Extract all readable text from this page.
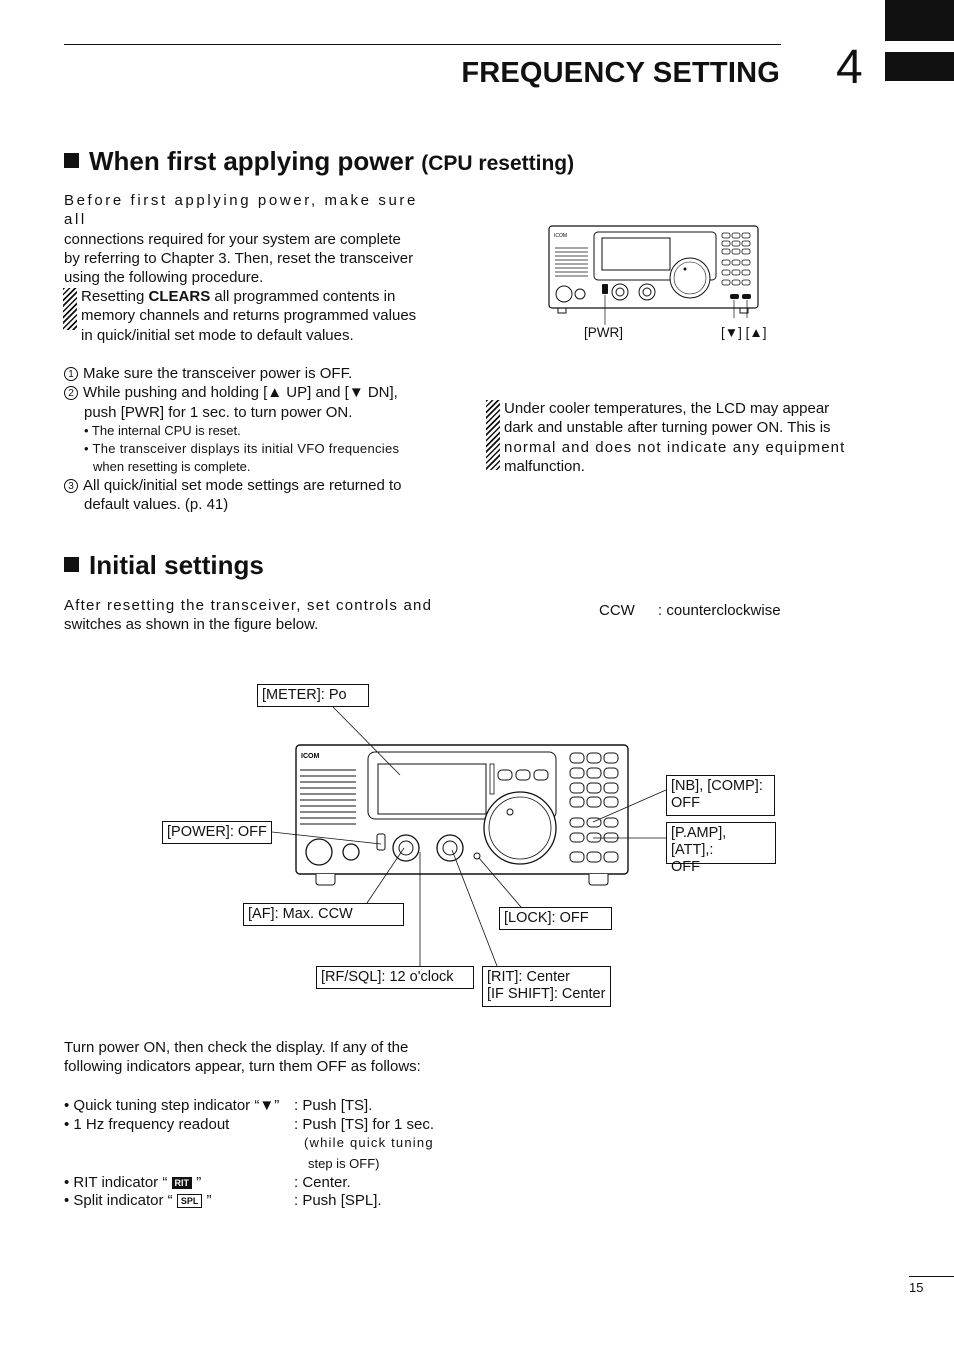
FREQUENCY SETTING 4
When first applying power (CPU resetting)
Before first applying power, make sure all
connections required for your system are complete
by referring to Chapter 3. Then, reset the transceiver
using the following procedure.
Resetting CLEARS all programmed contents in
memory channels and returns programmed values
in quick/initial set mode to default values.
1 Make sure the transceiver power is OFF.
2 While pushing and holding [▲ UP] and [▼ DN],
push [PWR] for 1 sec. to turn power ON.
• The internal CPU is reset.
• The transceiver displays its initial VFO frequencies
when resetting is complete.
3 All quick/initial set mode settings are returned to
default values. (p. 41)
ICOM
[PWR]	[▼] [▲]
Under cooler temperatures, the LCD may appear
dark and unstable after turning power ON. This is
normal and does not indicate any equipment
malfunction.
Initial settings
After resetting the transceiver, set controls and
switches as shown in the figure below.
CCW : counterclockwise
ICOM
[METER]: Po
[POWER]: OFF
[AF]: Max. CCW
[RF/SQL]: 12 o'clock
[LOCK]: OFF
[RIT]: Center
[IF SHIFT]: Center
[NB], [COMP]:
OFF
[P.AMP], [ATT],:
OFF
Turn power ON, then check the display. If any of the
following indicators appear, turn them OFF as follows:
• Quick tuning step indicator “▼” : Push [TS].
• 1 Hz frequency readout	: Push [TS] for 1 sec.
(while quick tuning
step is OFF)
• RIT indicator “ RIT ”	: Center.
• Split indicator “ SPL ”	: Push [SPL].
15
